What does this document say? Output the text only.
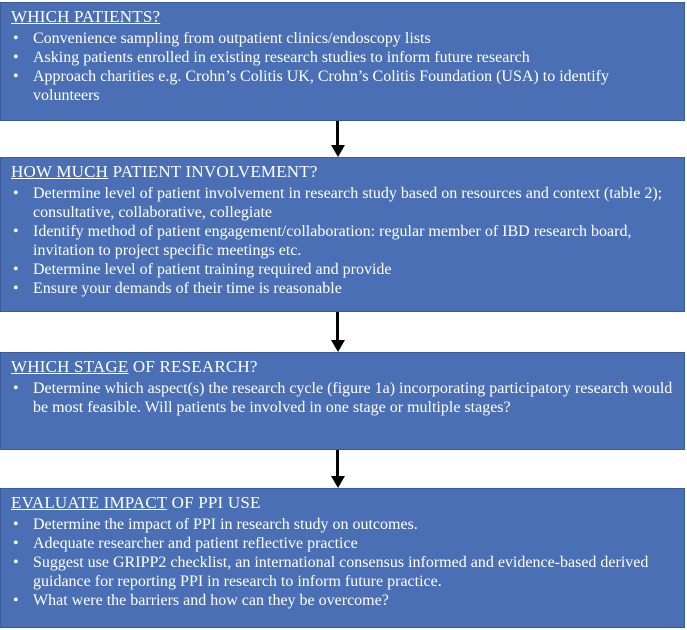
WHICH PATIENTS?
• Convenience sampling from outpatient clinics/endoscopy lists
• Asking patients enrolled in existing research studies to inform future research
• Approach charities e.g. Crohn’s Colitis UK, Crohn’s Colitis Foundation (USA) to identify volunteers
HOW MUCH PATIENT INVOLVEMENT?
• Determine level of patient involvement in research study based on resources and context (table 2); consultative, collaborative, collegiate
• Identify method of patient engagement/collaboration: regular member of IBD research board, invitation to project specific meetings etc.
• Determine level of patient training required and provide
• Ensure your demands of their time is reasonable
WHICH STAGE OF RESEARCH?
• Determine which aspect(s) the research cycle (figure 1a) incorporating participatory research would be most feasible. Will patients be involved in one stage or multiple stages?
EVALUATE IMPACT OF PPI USE
• Determine the impact of PPI in research study on outcomes.
• Adequate researcher and patient reflective practice
• Suggest use GRIPP2 checklist, an international consensus informed and evidence-based derived guidance for reporting PPI in research to inform future practice.
• What were the barriers and how can they be overcome?
